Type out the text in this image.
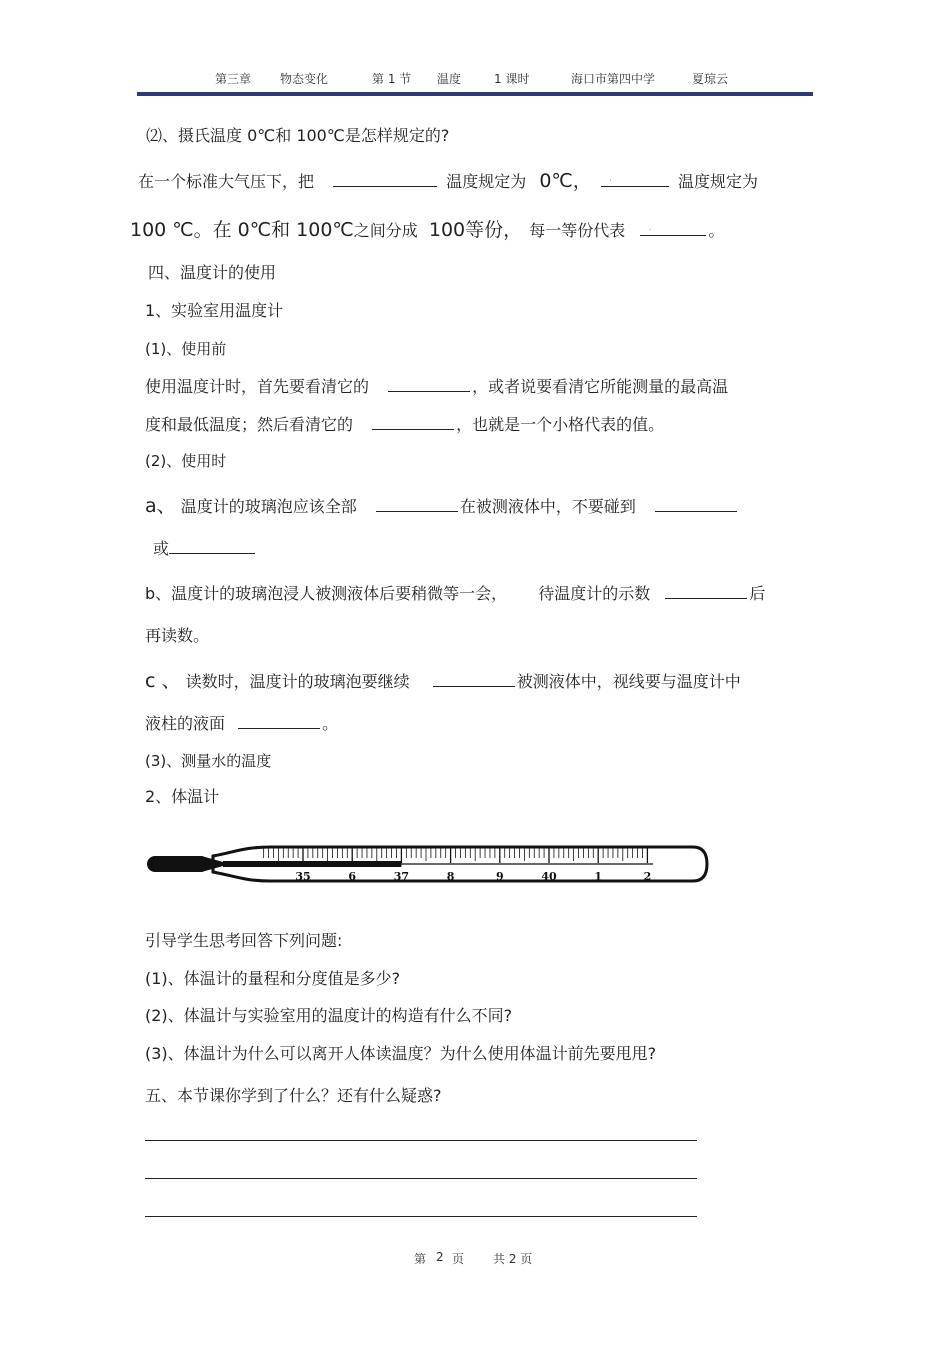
第三章 物态变化	第 1 节 温度	1 课时	海口市第四中学	夏琼云
⑵、摄氏温度 0℃和 100℃是怎样规定的?
在一个标准大气压下，把	温度规定为 0℃， .	温度规定为
100 ℃。在 0℃和 100℃之间分成 100等份， 每一等份代表 .	。
四、温度计的使用
1、实验室用温度计
(1)、使用前
使用温度计时，首先要看清它的	，或者说要看清它所能测量的最高温
度和最低温度；然后看清它的	，也就是一个小格代表的值。
(2)、使用时
a、 温度计的玻璃泡应该全部	在被测液体中，不要碰到
或
b、温度计的玻璃泡浸人被测液体后要稍微等一会， 待温度计的示数	后
再读数。
c 、 读数时，温度计的玻璃泡要继续	被测液体中，视线要与温度计中
液柱的液面	。
(3)、测量水的温度
2、体温计
35	6	37	8	9	40	1	2
引导学生思考回答下列问题:
(1)、体温计的量程和分度值是多少?
(2)、体温计与实验室用的温度计的构造有什么不同?
(3)、体温计为什么可以离开人体读温度？为什么使用体温计前先要甩甩?
五、本节课你学到了什么？还有什么疑惑?
第 2 页 共 2 页
